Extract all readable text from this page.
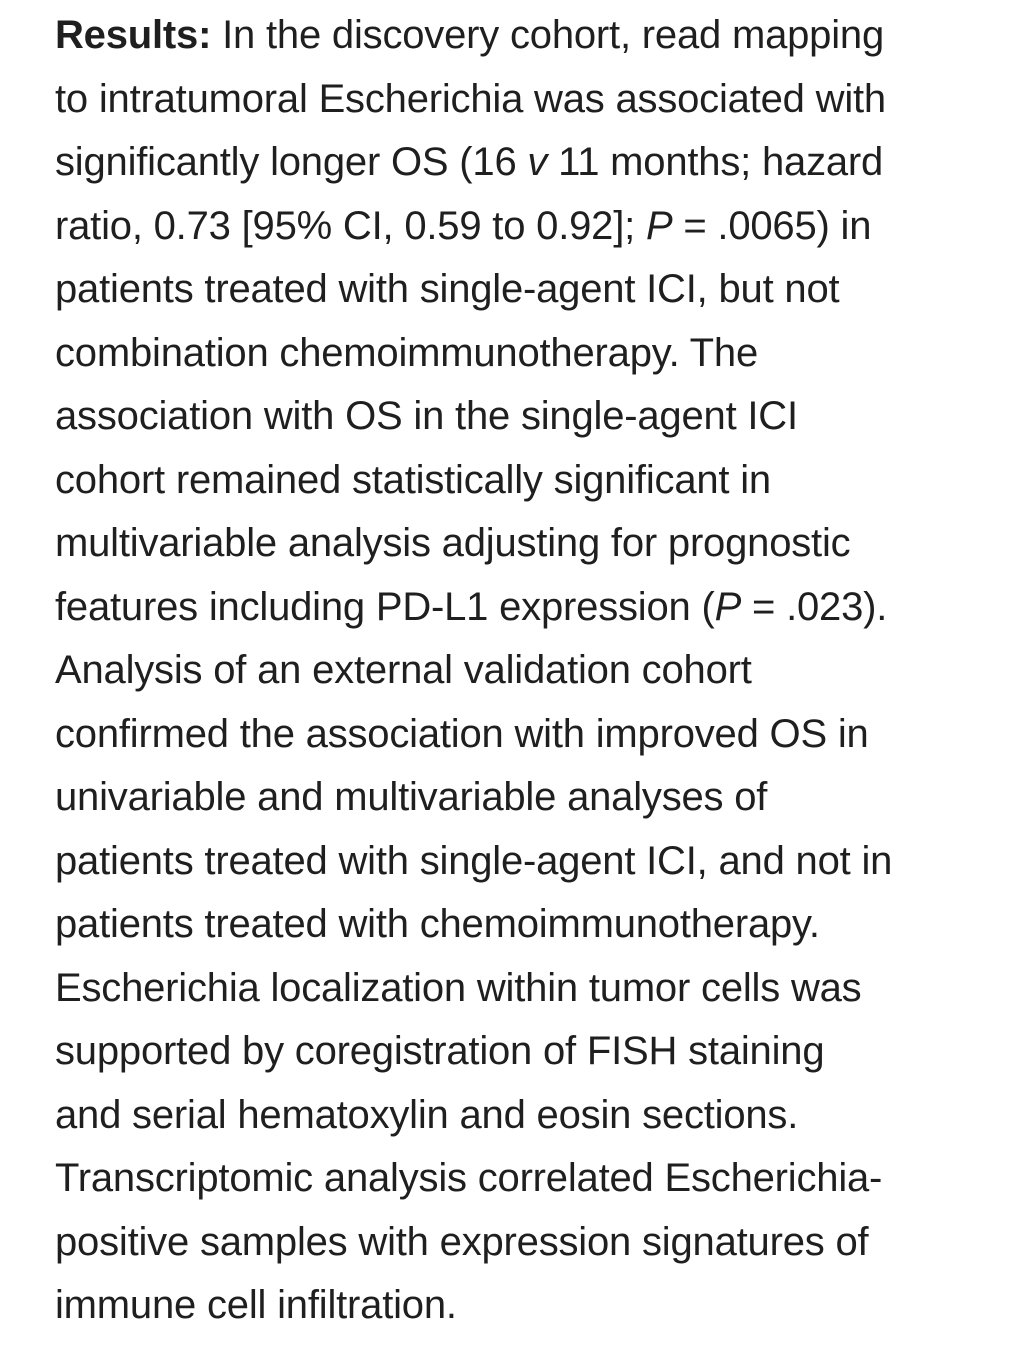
Results: In the discovery cohort, read mapping
to intratumoral Escherichia was associated with
significantly longer OS (16 v 11 months; hazard
ratio, 0.73 [95% CI, 0.59 to 0.92]; P = .0065) in
patients treated with single-agent ICI, but not
combination chemoimmunotherapy. The
association with OS in the single-agent ICI
cohort remained statistically significant in
multivariable analysis adjusting for prognostic
features including PD-L1 expression (P = .023).
Analysis of an external validation cohort
confirmed the association with improved OS in
univariable and multivariable analyses of
patients treated with single-agent ICI, and not in
patients treated with chemoimmunotherapy.
Escherichia localization within tumor cells was
supported by coregistration of FISH staining
and serial hematoxylin and eosin sections.
Transcriptomic analysis correlated Escherichia-
positive samples with expression signatures of
immune cell infiltration.
